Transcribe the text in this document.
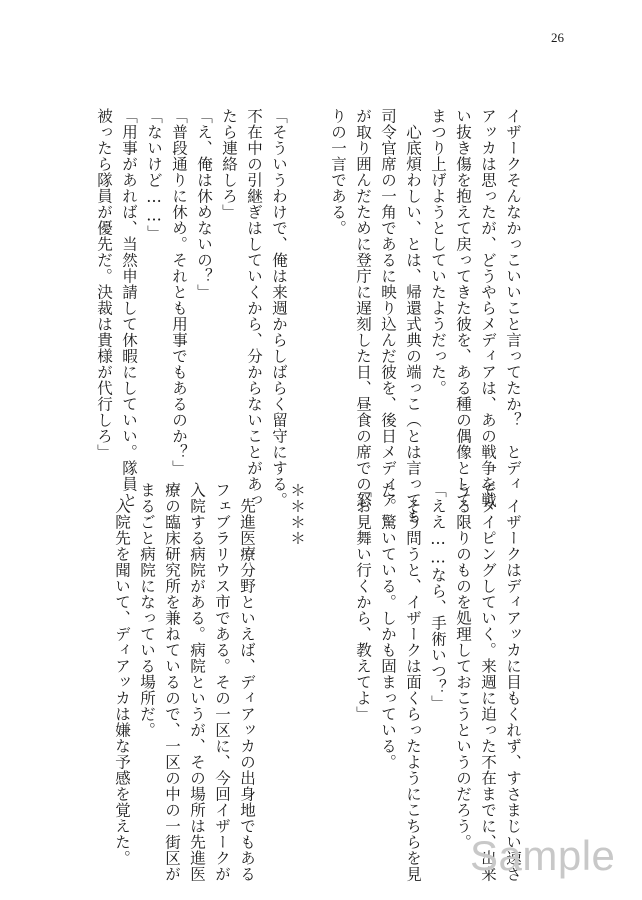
26
イザークそんなかっこいいこと言ってたか？　とディ
アッカは思ったが、どうやらメディアは、あの戦争を戦
い抜き傷を抱えて戻ってきた彼を、ある種の偶像として
まつり上げようとしていたようだった。
　心底煩わしい、とは、帰還式典の端っこ（とは言っても
司令官席の一角であるに映り込んだ彼を、後日メディア
が取り囲んだために登庁に遅刻した日、昼食の席での怒
りの一言である。
「そういうわけで、俺は来週からしばらく留守にする。
不在中の引継ぎはしていくから、分からないことがあっ
たら連絡しろ」
「え、俺は休めないの？」
「普段通りに休め。それとも用事でもあるのか？」
「ないけど……」
「用事があれば、当然申請して休暇にしていい。隊員と
被ったら隊員が優先だ。決裁は貴様が代行しろ」
　イザークはディアッカに目もくれず、すさまじい速さ
でタイピングしていく。来週に迫った不在までに、出来
うる限りのものを処理しておこうというのだろう。
「ええ……なら、手術いつ？」
　そう問うと、イザークは面くらったようにこちらを見
た。驚いている。しかも固まっている。
「お見舞い行くから、教えてよ」
＊＊＊＊

　先進医療分野といえば、ディアッカの出身地でもある
フェブラリウス市である。その一区に、今回イザークが
入院する病院がある。病院というが、その場所は先進医
療の臨床研究所を兼ねているので、一区の中の一街区が
まるごと病院になっている場所だ。
　入院先を聞いて、ディアッカは嫌な予感を覚えた。	Sample
